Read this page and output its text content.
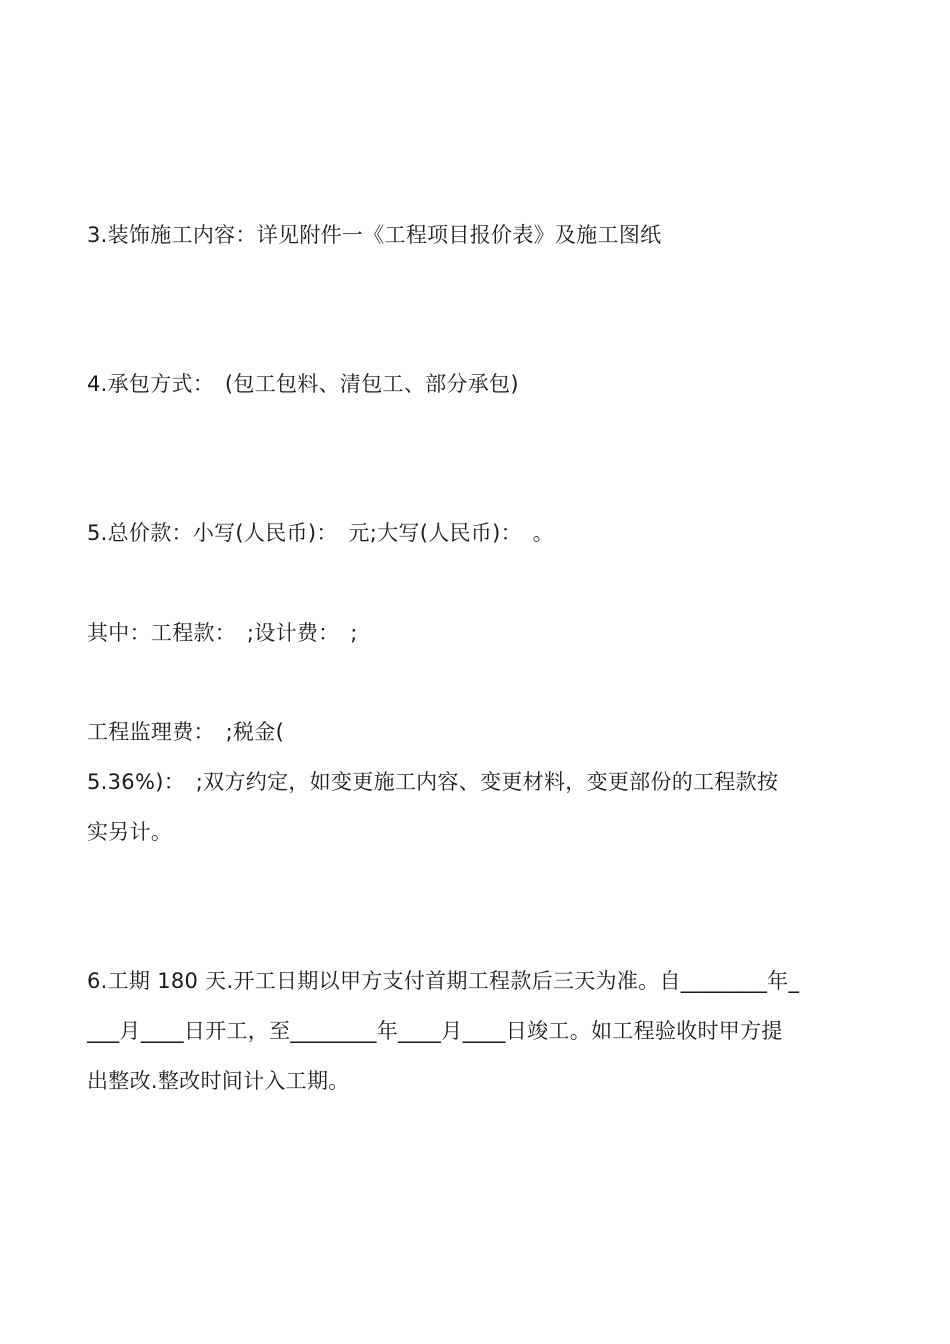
3.装饰施工内容：详见附件一《工程项目报价表》及施工图纸
4.承包方式：　(包工包料、清包工、部分承包)
5.总价款：小写(人民币)：　元;大写(人民币)：　。
其中：工程款：　;设计费：　;
工程监理费：　;税金(
5.36%)：　;双方约定，如变更施工内容、变更材料，变更部份的工程款按
实另计。
6.工期 180 天.开工日期以甲方支付首期工程款后三天为准。自________年_
___月____日开工，至________年____月____日竣工。如工程验收时甲方提
出整改.整改时间计入工期。
